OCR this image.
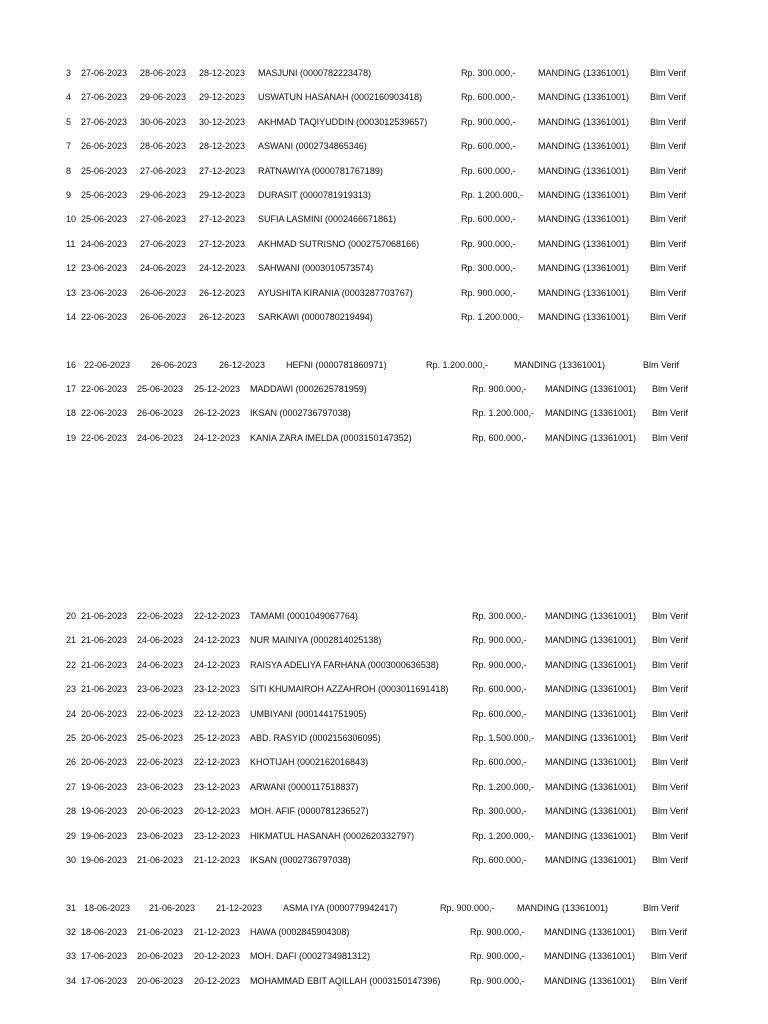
3 27-06-2023 28-06-2023 28-12-2023 MASJUNI (0000782223478)	Rp. 300.000,- MANDING (13361001) Blm Verif
4 27-06-2023 29-06-2023 29-12-2023 USWATUN HASANAH (0002160903418)	Rp. 600.000,- MANDING (13361001) Blm Verif
5 27-06-2023 30-06-2023 30-12-2023 AKHMAD TAQIYUDDIN (0003012539657)	Rp. 900.000,- MANDING (13361001) Blm Verif
7 26-06-2023 28-06-2023 28-12-2023 ASWANI (0002734865346)	Rp. 600.000,- MANDING (13361001) Blm Verif
8 25-06-2023 27-06-2023 27-12-2023 RATNAWIYA (0000781767189)	Rp. 600.000,- MANDING (13361001) Blm Verif
9 25-06-2023 29-06-2023 29-12-2023 DURASIT (0000781919313)	Rp. 1.200.000,- MANDING (13361001) Blm Verif
10 25-06-2023 27-06-2023 27-12-2023 SUFIA LASMINI (0002466671861)	Rp. 600.000,- MANDING (13361001) Blm Verif
11 24-06-2023 27-06-2023 27-12-2023 AKHMAD SUTRISNO (0002757068166)	Rp. 900.000,- MANDING (13361001) Blm Verif
12 23-06-2023 24-06-2023 24-12-2023 SAHWANI (0003010573574)	Rp. 300.000,- MANDING (13361001) Blm Verif
13 23-06-2023 26-06-2023 26-12-2023 AYUSHITA KIRANIA (0003287703767)	Rp. 900.000,- MANDING (13361001) Blm Verif
14 22-06-2023 26-06-2023 26-12-2023 SARKAWI (0000780219494)	Rp. 1.200.000,- MANDING (13361001) Blm Verif
16 22-06-2023 26-06-2023 26-12-2023 HEFNI (0000781860971)	Rp. 1.200.000,-	MANDING (13361001)	Blm Verif
17 22-06-2023 25-06-2023 25-12-2023 MADDAWI (0002625781959)	Rp. 900.000,- MANDING (13361001) Blm Verif
18 22-06-2023 26-06-2023 26-12-2023 IKSAN (0002736797038)	Rp. 1.200.000,- MANDING (13361001) Blm Verif
19 22-06-2023 24-06-2023 24-12-2023 KANIA ZARA IMELDA (0003150147352)	Rp. 600.000,- MANDING (13361001) Blm Verif
20 21-06-2023 22-06-2023 22-12-2023 TAMAMI (0001049067764)	Rp. 300.000,- MANDING (13361001) Blm Verif
21 21-06-2023 24-06-2023 24-12-2023 NUR MAINIYA (0002814025138)	Rp. 900.000,- MANDING (13361001) Blm Verif
22 21-06-2023 24-06-2023 24-12-2023 RAISYA ADELIYA FARHANA (0003000636538)	Rp. 900.000,- MANDING (13361001) Blm Verif
23 21-06-2023 23-06-2023 23-12-2023 SITI KHUMAIROH AZZAHROH (0003011691418)	Rp. 600.000,- MANDING (13361001) Blm Verif
24 20-06-2023 22-06-2023 22-12-2023 UMBIYANI (0001441751905)	Rp. 600.000,- MANDING (13361001) Blm Verif
25 20-06-2023 25-06-2023 25-12-2023 ABD. RASYID (0002156306095)	Rp. 1.500.000,- MANDING (13361001) Blm Verif
26 20-06-2023 22-06-2023 22-12-2023 KHOTIJAH (0002162016843)	Rp. 600.000,- MANDING (13361001) Blm Verif
27 19-06-2023 23-06-2023 23-12-2023 ARWANI (0000117518837)	Rp. 1.200.000,- MANDING (13361001) Blm Verif
28 19-06-2023 20-06-2023 20-12-2023 MOH. AFIF (0000781236527)	Rp. 300.000,- MANDING (13361001) Blm Verif
29 19-06-2023 23-06-2023 23-12-2023 HIKMATUL HASANAH (0002620332797)	Rp. 1.200.000,- MANDING (13361001) Blm Verif
30 19-06-2023 21-06-2023 21-12-2023 IKSAN (0002736797038)	Rp. 600.000,- MANDING (13361001) Blm Verif
31 18-06-2023 21-06-2023 21-12-2023 ASMA IYA (0000779942417)	Rp. 900.000,- MANDING (13361001)	Blm Verif
32 18-06-2023 21-06-2023 21-12-2023 HAWA (0002845904308)	Rp. 900.000,- MANDING (13361001) Blm Verif
33 17-06-2023 20-06-2023 20-12-2023 MOH. DAFI (0002734981312)	Rp. 900.000,- MANDING (13361001) Blm Verif
34 17-06-2023 20-06-2023 20-12-2023 MOHAMMAD EBIT AQILLAH (0003150147396)	Rp. 900.000,- MANDING (13361001) Blm Verif
